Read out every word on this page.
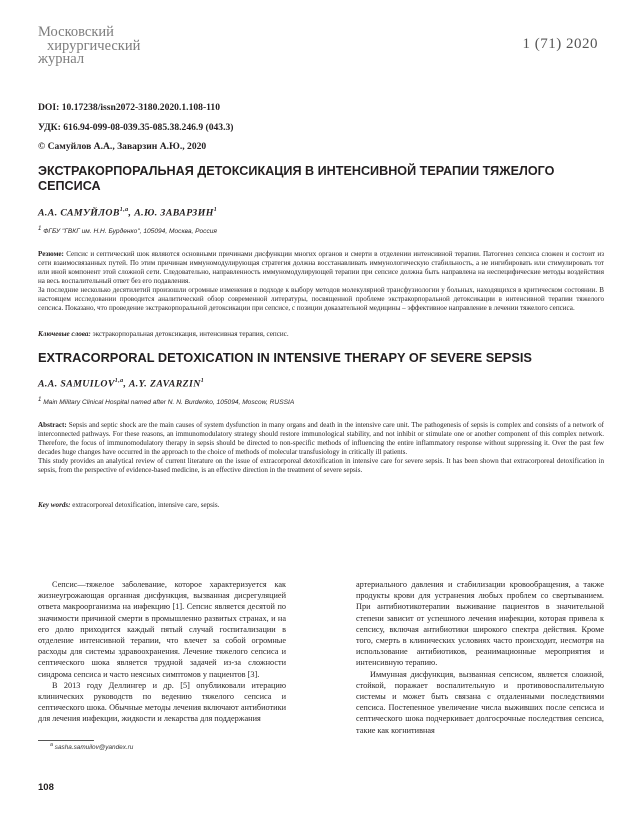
Московский
хирургический
журнал
1 (71) 2020
DOI: 10.17238/issn2072-3180.2020.1.108-110
УДК: 616.94-099-08-039.35-085.38.246.9 (043.3)
© Самуйлов А.А., Заварзин А.Ю., 2020
ЭКСТРАКОРПОРАЛЬНАЯ ДЕТОКСИКАЦИЯ В ИНТЕНСИВНОЙ ТЕРАПИИ ТЯЖЕЛОГО СЕПСИСА
А.А. САМУЙЛОВ$^{1,a}$, А.Ю. ЗАВАРЗИН$^1$
$^1$ ФГБУ "ГВКГ им. Н.Н. Бурденко", 105094, Москва, Россия

Резюме: Сепсис и септический шок являются основными причинами дисфункции многих органов и смерти в отделении интенсивной терапии. Патогенез сепсиса сложен и состоит из сети взаимосвязанных путей. По этим причинам иммуномодулирующая стратегия должна восстанавливать иммунологическую стабильность, а не ингибировать или стимулировать тот или иной компонент этой сложной сети. Следовательно, направленность иммуномодулирующей терапии при сепсисе должна быть направлена на неспецифические методы воздействия на весь воспалительный ответ без его подавления.

За последние несколько десятилетий произошли огромные изменения в подходе к выбору методов молекулярной трансфузиологии у больных, находящихся в критическом состоянии. В настоящем исследовании проводится аналитический обзор современной литературы, посвященной проблеме экстракорпоральной детоксикации в интенсивной терапии тяжелого сепсиса. Показано, что проведение экстракорпоральной детоксикации при сепсисе, с позиции доказательной медицины – эффективное направление в лечении тяжелого сепсиса.

Ключевые слова: экстракорпоральная детоксикация, интенсивная терапия, сепсис.
EXTRACORPORAL DETOXICATION IN INTENSIVE THERAPY OF SEVERE SEPSIS
A.A. SAMUILOV$^{1,a}$, A.Y. ZAVARZIN$^1$
$^1$ Main Military Clinical Hospital named after N. N. Burdenko, 105094, Moscow, RUSSIA

Abstract: Sepsis and septic shock are the main causes of system dysfunction in many organs and death in the intensive care unit. The pathogenesis of sepsis is complex and consists of a network of interconnected pathways. For these reasons, an immunomodulatory strategy should restore immunological stability, and not inhibit or stimulate one or another component of this complex network. Therefore, the focus of immunomodulatory therapy in sepsis should be directed to non-specific methods of influencing the entire inflammatory response without suppressing it. Over the past few decades huge changes have occurred in the approach to the choice of methods of molecular transfusiology in critically ill patients.

This study provides an analytical review of current literature on the issue of extracorporeal detoxification in intensive care for severe sepsis. It has been shown that extracorporeal detoxification in sepsis, from the perspective of evidence-based medicine, is an effective direction in the treatment of severe sepsis.

Key words: extracorporeal detoxification, intensive care, sepsis.

Сепсис—тяжелое заболевание, которое характеризуется как жизнеугрожающая органная дисфункция, вызванная дисрегуляцией ответа макроорганизма на инфекцию [1]. Сепсис является десятой по значимости причиной смерти в промышленно развитых странах, и на его долю приходится каждый пятый случай госпитализации в отделение интенсивной терапии, что влечет за собой огромные расходы для системы здравоохранения. Лечение тяжелого сепсиса и септического шока является трудной задачей из-за сложности синдрома сепсиса и часто неясных симптомов у пациентов [3].

В 2013 году Деллингер и др. [5] опубликовали итерацию клинических руководств по ведению тяжелого сепсиса и септического шока. Обычные методы лечения включают антибиотики для лечения инфекции, жидкости и лекарства для поддержания

артериального давления и стабилизации кровообращения, а также продукты крови для устранения любых проблем со свертыванием. При антибиотикотерапии выживание пациентов в значительной степени зависит от успешного лечения инфекции, которая привела к сепсису, включая антибиотики широкого спектра действия. Кроме того, смерть в клинических условиях часто происходит, несмотря на использование антибиотиков, реанимационные мероприятия и интенсивную терапию.

Иммунная дисфункция, вызванная сепсисом, является сложной, стойкой, поражает воспалительную и противовоспалительную системы и может быть связана с отдаленными последствиями сепсиса. Постепенное увеличение числа выживших после сепсиса и септического шока подчеркивает долгосрочные последствия сепсиса, такие как когнитивная

$^a$ sasha.samuilov@yandex.ru
108
